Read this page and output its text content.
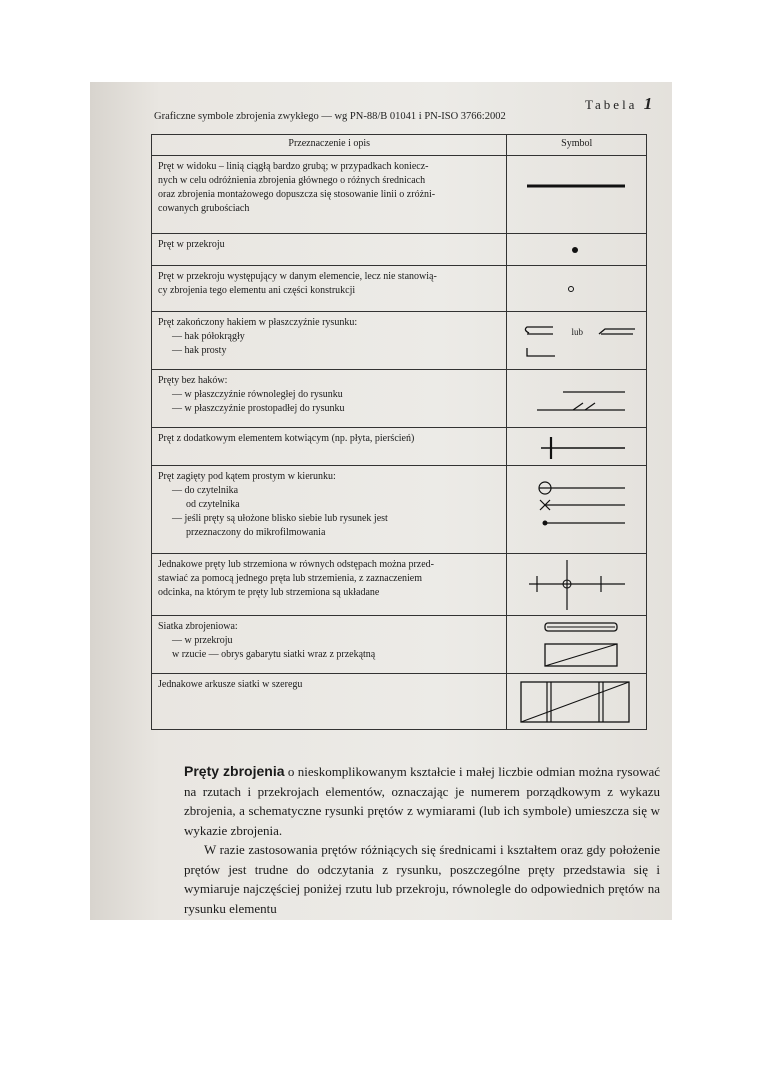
Tabela 1
Graficzne symbole zbrojenia zwykłego — wg PN-88/B 01041 i PN-ISO 3766:2002
Przeznaczenie i opis	Symbol

Pręt w widoku – linią ciągłą bardzo grubą; w przypadkach koniecz-
nych w celu odróżnienia zbrojenia głównego o różnych średnicach
oraz zbrojenia montażowego dopuszcza się stosowanie linii o zróżni-
cowanych grubościach

Pręt w przekroju

Pręt w przekroju występujący w danym elemencie, lecz nie stanowią-
cy zbrojenia tego elementu ani części konstrukcji

Pręt zakończony hakiem w płaszczyźnie rysunku:
— hak półokrągły
— hak prosty	lub

Pręty bez haków:
— w płaszczyźnie równoległej do rysunku
— w płaszczyźnie prostopadłej do rysunku

Pręt z dodatkowym elementem kotwiącym (np. płyta, pierścień)

Pręt zagięty pod kątem prostym w kierunku:
— do czytelnika
od czytelnika
— jeśli pręty są ułożone blisko siebie lub rysunek jest
przeznaczony do mikrofilmowania

Jednakowe pręty lub strzemiona w równych odstępach można przed-
stawiać za pomocą jednego pręta lub strzemienia, z zaznaczeniem
odcinka, na którym te pręty lub strzemiona są układane

Siatka zbrojeniowa:
— w przekroju
w rzucie — obrys gabarytu siatki wraz z przekątną

Jednakowe arkusze siatki w szeregu

Pręty zbrojenia o nieskomplikowanym kształcie i małej liczbie odmian można rysować na rzutach i przekrojach elementów, oznaczając je numerem porządkowym z wykazu zbrojenia, a schematyczne rysunki prętów z wymiarami (lub ich symbole) umieszcza się w wykazie zbrojenia.

W razie zastosowania prętów różniących się średnicami i kształtem oraz gdy położenie prętów jest trudne do odczytania z rysunku, poszczególne pręty przedstawia się i wymiaruje najczęściej poniżej rzutu lub przekroju, równolegle do odpowiednich prętów na rysunku elementu
